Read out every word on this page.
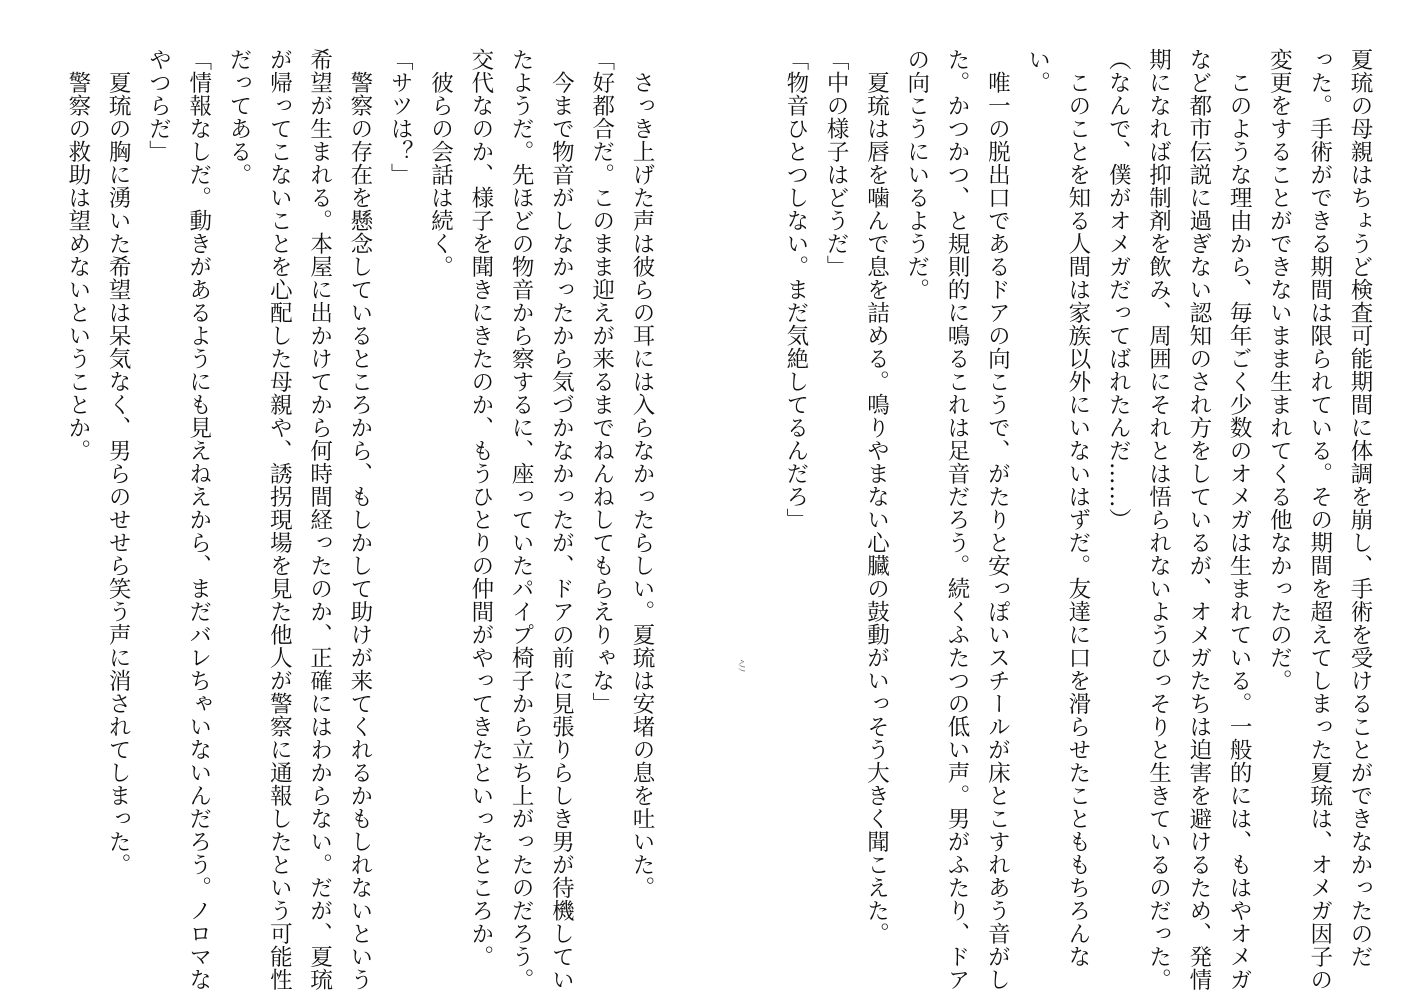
夏琉の母親はちょうど検査可能期間に体調を崩し、手術を受けることができなかったのだ

った。手術ができる期間は限られている。その期間を超えてしまった夏琉は、オメガ因子の

変更をすることができないまま生まれてくる他なかったのだ。

　このような理由から、毎年ごく少数のオメガは生まれている。一般的には、もはやオメガ

など都市伝説に過ぎない認知のされ方をしているが、オメガたちは迫害を避けるため、発情

期になれば抑制剤を飲み、周囲にそれとは悟られないようひっそりと生きているのだった。

（なんで、僕がオメガだってばれたんだ……）

　このことを知る人間は家族以外にいないはずだ。友達に口を滑らせたことももちろんな

い。

　唯一の脱出口であるドアの向こうで、がたりと安っぽいスチールが床とこすれあう音がし

た。かつかつ、と規則的に鳴るこれは足音だろう。続くふたつの低い声。男がふたり、ドア

の向こうにいるようだ。

　夏琉は唇を噛んで息を詰める。鳴りやまない心臓の鼓動がいっそう大きく聞こえた。

「中の様子はどうだ」

「物音ひとつしない。まだ気絶してるんだろ」

ﾍﾉﾉ

　さっき上げた声は彼らの耳には入らなかったらしい。夏琉は安堵の息を吐いた。

「好都合だ。このまま迎えが来るまでねんねしてもらえりゃな」

　今まで物音がしなかったから気づかなかったが、ドアの前に見張りらしき男が待機してい

たようだ。先ほどの物音から察するに、座っていたパイプ椅子から立ち上がったのだろう。

交代なのか、様子を聞きにきたのか、もうひとりの仲間がやってきたといったところか。

　彼らの会話は続く。

「サツは？」

　警察の存在を懸念しているところから、もしかして助けが来てくれるかもしれないという

希望が生まれる。本屋に出かけてから何時間経ったのか、正確にはわからない。だが、夏琉

が帰ってこないことを心配した母親や、誘拐現場を見た他人が警察に通報したという可能性

だってある。

「情報なしだ。動きがあるようにも見えねえから、まだバレちゃいないんだろう。ノロマな

やつらだ」

　夏琉の胸に湧いた希望は呆気なく、男らのせせら笑う声に消されてしまった。

　警察の救助は望めないということか。
